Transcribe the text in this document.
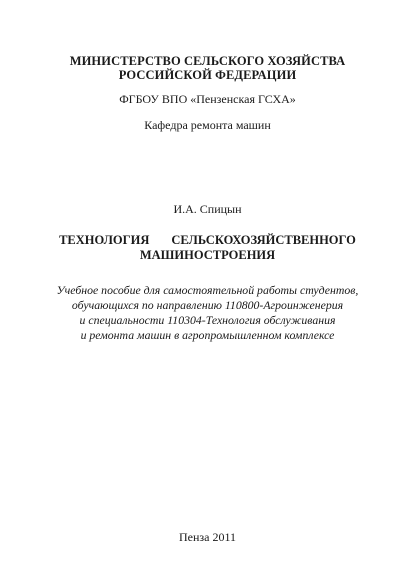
МИНИСТЕРСТВО СЕЛЬСКОГО ХОЗЯЙСТВА
РОССИЙСКОЙ ФЕДЕРАЦИИ
ФГБОУ ВПО «Пензенская ГСХА»
Кафедра ремонта машин
И.А. Спицын
ТЕХНОЛОГИЯ СЕЛЬСКОХОЗЯЙСТВЕННОГО
МАШИНОСТРОЕНИЯ
Учебное пособие для самостоятельной работы студентов,
обучающихся по направлению 110800-Агроинженерия
и специальности 110304-Технология обслуживания
и ремонта машин в агропромышленном комплексе
Пенза 2011
